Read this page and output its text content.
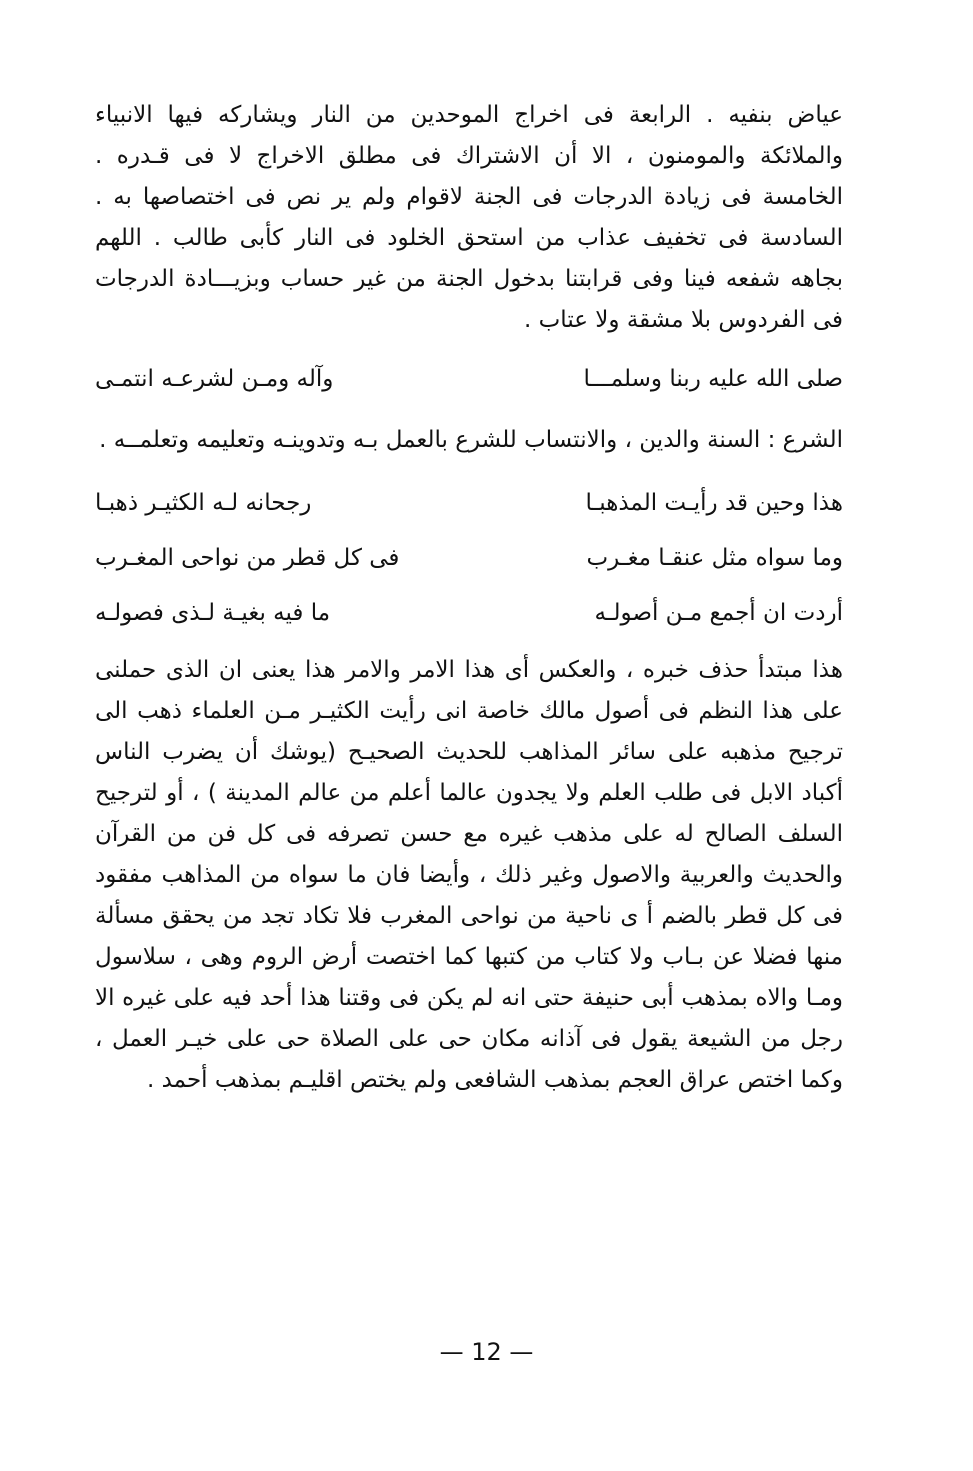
عياض بنفيه . الرابعة فى اخراج الموحدين من النار ويشاركه فيها الانبياء والملائكة والمومنون ، الا أن الاشتراك فى مطلق الاخراج لا فى قـدره . الخامسة فى زيادة الدرجات فى الجنة لاقوام ولم ير نص فى اختصاصها به . السادسة فى تخفيف عذاب من استحق الخلود فى النار كأبى طالب . اللهم بجاهه شفعه فينا وفى قرابتنا بدخول الجنة من غير حساب وبزيـــادة الدرجات فى الفردوس بلا مشقة ولا عتاب .

صلى الله عليه ربنا وسلمـــا
وآله ومـن لشرعـه انتمـى

الشرع : السنة والدين ، والانتساب للشرع بالعمل بـه وتدوينـه وتعليمه وتعلمــه .

هذا وحين قد رأيـت المذهبـا
رجحانه لـه الكثيـر ذهبـا
وما سواه مثل عنقـا مغـرب
فى كل قطر من نواحى المغـرب
أردت ان أجمع مـن أصولـه
ما فيه بغيـة لـذى فصولـه

هذا مبتدأ حذف خبره ، والعكس أى هذا الامر والامر هذا يعنى ان الذى حملنى على هذا النظم فى أصول مالك خاصة انى رأيت الكثيـر مـن العلماء ذهب الى ترجيح مذهبه على سائر المذاهب للحديث الصحيـح (يوشك أن يضرب الناس أكباد الابل فى طلب العلم ولا يجدون عالما أعلم من عالم المدينة ) ، أو لترجيح السلف الصالح له على مذهب غيره مع حسن تصرفه فى كل فن من القرآن والحديث والعربية والاصول وغير ذلك ، وأيضا فان ما سواه من المذاهب مفقود فى كل قطر بالضم أ ى ناحية من نواحى المغرب فلا تكاد تجد من يحقق مسألة منها فضلا عن بـاب ولا كتاب من كتبها كما اختصت أرض الروم وهى ، سلاسول ومـا والاه بمذهب أبى حنيفة حتى انه لم يكن فى وقتنا هذا أحد فيه على غيره الا رجل من الشيعة يقول فى آذانه مكان حى على الصلاة حى على خيـر العمل ، وكما اختص عراق العجم بمذهب الشافعى ولم يختص اقليـم بمذهب أحمد .

— 12 —
